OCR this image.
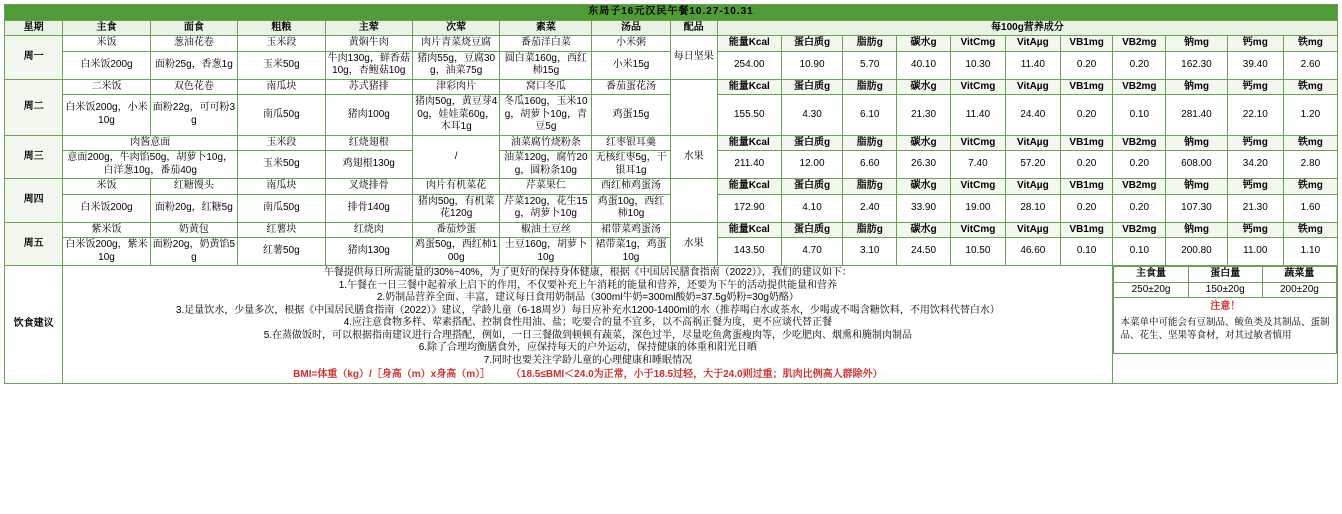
东局子16元汉民午餐10.27-10.31
星期	主食	面食	粗粮	主荤	次荤	素菜	汤品	配品	每100g营养成分
周一	米饭	葱油花卷	玉米段	黄焖牛肉	肉片青菜烧豆腐	番茄洋白菜	小米粥	每日坚果	能量Kcal	蛋白质g	脂肪g	碳水g	VitCmg	VitAµg	VB1mg	VB2mg	钠mg	钙mg	铁mg
白米饭200g	面粉25g，香葱1g	玉米50g	牛肉130g，鲜香菇10g，杏鲍菇10g	猪肉55g，豆腐30g，油菜75g	圆白菜160g，西红柿15g	小米15g	254.00	10.90	5.70	40.10	10.30	11.40	0.20	0.20	162.30	39.40	2.60
周二	二米饭	双色花卷	南瓜块	苏式猪排	津彩肉片	窝口冬瓜	番茄蛋花汤		能量Kcal	蛋白质g	脂肪g	碳水g	VitCmg	VitAµg	VB1mg	VB2mg	钠mg	钙mg	铁mg
白米饭200g，小米10g	面粉22g，可可粉3g	南瓜50g	猪肉100g	猪肉50g，黄豆芽40g，娃娃菜60g，木耳1g	冬瓜160g，玉米10g，胡萝卜10g，青豆5g	鸡蛋15g	155.50	4.30	6.10	21.30	11.40	24.40	0.20	0.10	281.40	22.10	1.20
周三	肉酱意面	玉米段	红烧翅根	/	油菜腐竹烧粉条	红枣银耳羹	水果	能量Kcal	蛋白质g	脂肪g	碳水g	VitCmg	VitAµg	VB1mg	VB2mg	钠mg	钙mg	铁mg
意面200g，牛肉馅50g，胡萝卜10g，白洋葱10g，番茄40g	玉米50g	鸡翅根130g	油菜120g，腐竹20g，圆粉条10g	无核红枣5g，干银耳1g	211.40	12.00	6.60	26.30	7.40	57.20	0.20	0.20	608.00	34.20	2.80
周四	米饭	红糖馒头	南瓜块	叉烧排骨	肉片有机菜花	芹菜果仁	西红柿鸡蛋汤		能量Kcal	蛋白质g	脂肪g	碳水g	VitCmg	VitAµg	VB1mg	VB2mg	钠mg	钙mg	铁mg
白米饭200g	面粉20g，红糖5g	南瓜50g	排骨140g	猪肉50g，有机菜花120g	芹菜120g，花生15g，胡萝卜10g	鸡蛋10g，西红柿10g	172.90	4.10	2.40	33.90	19.00	28.10	0.20	0.20	107.30	21.30	1.60
周五	紫米饭	奶黄包	红薯块	红烧肉	番茄炒蛋	椒油土豆丝	裙带菜鸡蛋汤	水果	能量Kcal	蛋白质g	脂肪g	碳水g	VitCmg	VitAµg	VB1mg	VB2mg	钠mg	钙mg	铁mg
白米饭200g，紫米10g	面粉20g，奶黄馅5g	红薯50g	猪肉130g	鸡蛋50g，西红柿100g	土豆160g，胡萝卜10g	裙带菜1g，鸡蛋10g	143.50	4.70	3.10	24.50	10.50	46.60	0.10	0.10	200.80	11.00	1.10
饮食建议	
午餐提供每日所需能量的30%~40%，为了更好的保持身体健康，根据《中国居民膳食指南（2022）》，我们的建议如下：
1.午餐在一日三餐中起着承上启下的作用，不仅要补充上午消耗的能量和营养，还要为下午的活动提供能量和营养
2.奶制品营养全面、丰富，建议每日食用奶制品（300ml牛奶=300ml酸奶=37.5g奶粉=30g奶酪）
3.足量饮水，少量多次，根据《中国居民膳食指南（2022）》建议，学龄儿童（6-18周岁）每日应补充水1200-1400ml的水（推荐喝白水或茶水，少喝或不喝含糖饮料，不用饮料代替白水）
4.应注意食物多样、荤素搭配、控制食性用油、盐；吃要合的量不宜多，以不高祸正餐为度，更不应谈代替正餐
5.在蒸做饭时，可以根据指南建议进行合理搭配，例如，一日三餐做到顿顿有蔬菜，深色过半，尽量吃鱼禽蛋瘦肉等，少吃肥肉、烟熏和腌制肉制品
6.除了合理均衡膳食外，应保持每天的户外运动，保持健康的体重和阳光日晒
7.同时也要关注学龄儿童的心理健康和睡眠情况
BMI=体重（kg）/［身高（m）x身高（m）］ （18.5≤BMI＜24.0为正常，小于18.5过轻，大于24.0则过重；肌肉比例高人群除外）

主食量	蛋白量	蔬菜量
250±20g	150±20g	200±20g

注意！
本菜单中可能会有豆制品、鲅鱼类及其制品、蛋制品、花生、坚果等食材，对其过敏者慎用
